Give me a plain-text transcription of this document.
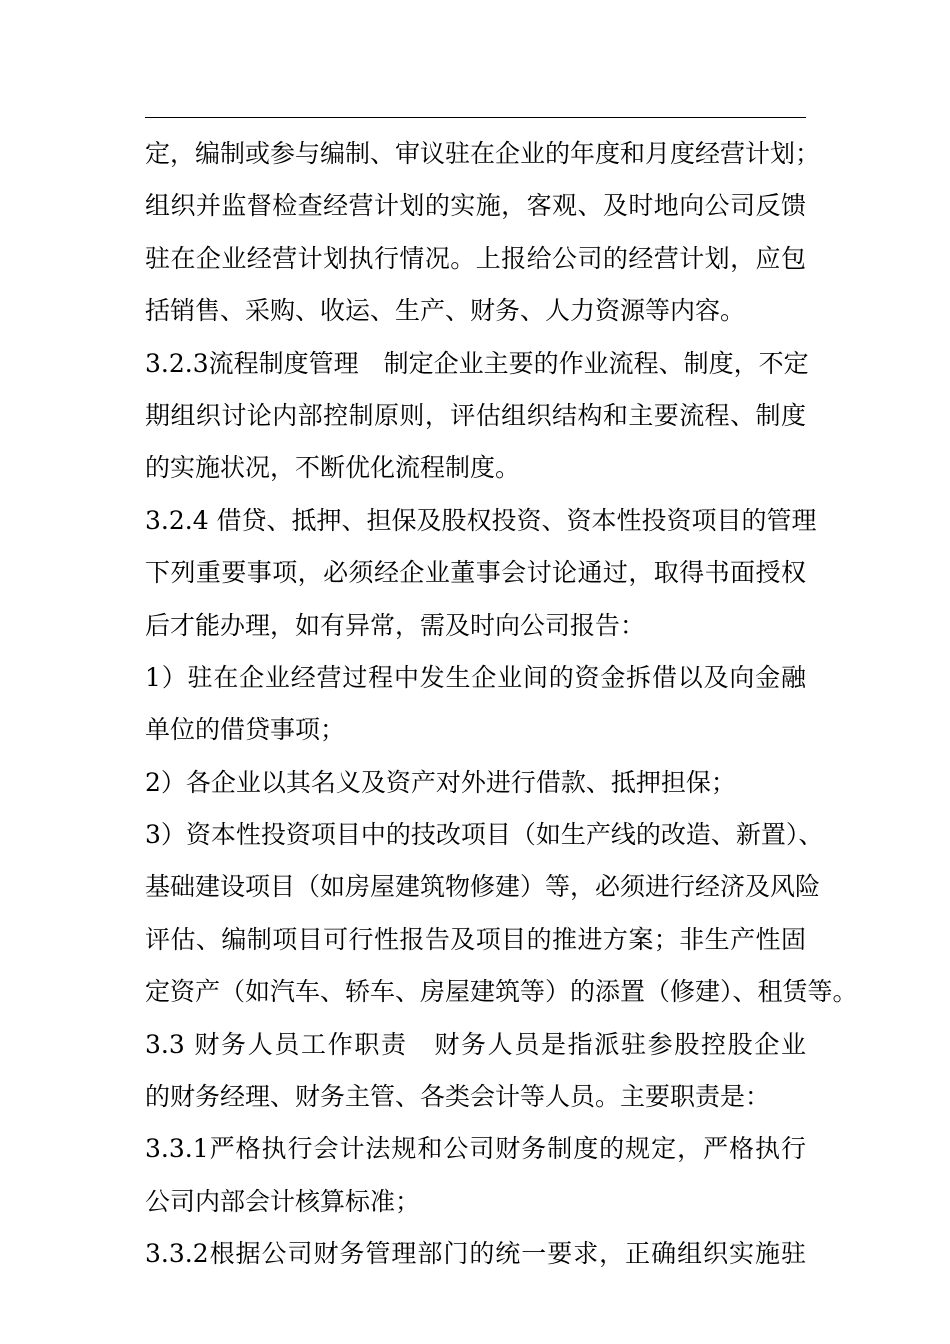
定，编制或参与编制、审议驻在企业的年度和月度经营计划；
组织并监督检查经营计划的实施，客观、及时地向公司反馈
驻在企业经营计划执行情况。上报给公司的经营计划，应包
括销售、采购、收运、生产、财务、人力资源等内容。
3.2.3流程制度管理　制定企业主要的作业流程、制度，不定
期组织讨论内部控制原则，评估组织结构和主要流程、制度
的实施状况，不断优化流程制度。
3.2.4 借贷、抵押、担保及股权投资、资本性投资项目的管理
下列重要事项，必须经企业董事会讨论通过，取得书面授权
后才能办理，如有异常，需及时向公司报告：
1）驻在企业经营过程中发生企业间的资金拆借以及向金融
单位的借贷事项；
2）各企业以其名义及资产对外进行借款、抵押担保；
3）资本性投资项目中的技改项目（如生产线的改造、新置）、
基础建设项目（如房屋建筑物修建）等，必须进行经济及风险
评估、编制项目可行性报告及项目的推进方案；非生产性固
定资产（如汽车、轿车、房屋建筑等）的添置（修建）、租赁等。
3.3 财务人员工作职责　财务人员是指派驻参股控股企业
的财务经理、财务主管、各类会计等人员。主要职责是：
3.3.1严格执行会计法规和公司财务制度的规定，严格执行
公司内部会计核算标准；
3.3.2根据公司财务管理部门的统一要求，正确组织实施驻
